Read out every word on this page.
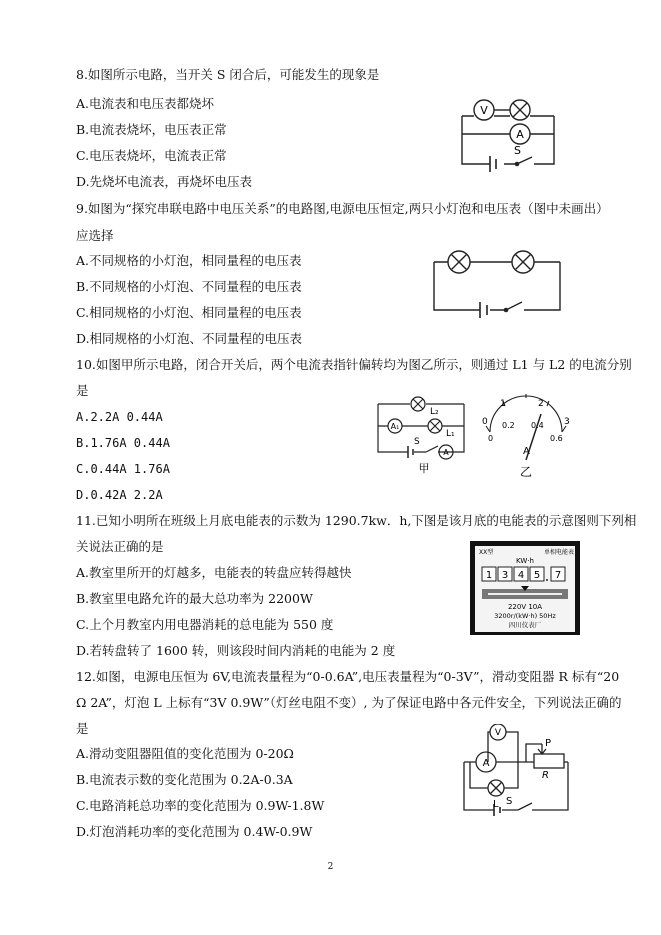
8.如图所示电路，当开关 S 闭合后，可能发生的现象是
A.电流表和电压表都烧坏
B.电流表烧坏，电压表正常
C.电压表烧坏，电流表正常
D.先烧坏电流表，再烧坏电压表
V
A
S
9.如图为“探究串联电路中电压关系”的电路图,电源电压恒定,两只小灯泡和电压表（图中未画出）
应选择
A.不同规格的小灯泡，相同量程的电压表
B.不同规格的小灯泡、不同量程的电压表
C.相同规格的小灯泡、相同量程的电压表
D.相同规格的小灯泡、不同量程的电压表
10.如图甲所示电路，闭合开关后，两个电流表指针偏转均为图乙所示，则通过 L1 与 L2 的电流分别
是
A.2.2A 0.44A
B.1.76A 0.44A
C.0.44A 1.76A
D.0.42A 2.2A
L₂
L₁
A₁
A
S
甲
0
1	2
3
0
0.2 0.4
0.6
A
乙
11.已知小明所在班级上月底电能表的示数为 1290.7kw．h,下图是该月底的电能表的示意图则下列相
关说法正确的是
A.教室里所开的灯越多，电能表的转盘应转得越快
B.教室里电路允许的最大总功率为 2200W
C.上个月教室内用电器消耗的总电能为 550 度
D.若转盘转了 1600 转，则该段时间内消耗的电能为 2 度
XX型	单相电能表
KW·h
1 3 4 5 7
220V 10A
3200r/(kW·h) 50Hz
四川仪表厂
12.如图，电源电压恒为 6V,电流表量程为“0-0.6A”,电压表量程为“0-3V”，滑动变阻器 R 标有“20
Ω 2A”，灯泡 L 上标有“3V 0.9W”（灯丝电阻不变）, 为了保证电路中各元件安全，下列说法正确的
是
A.滑动变阻器阻值的变化范围为 0-20Ω
B.电流表示数的变化范围为 0.2A-0.3A
C.电路消耗总功率的变化范围为 0.9W-1.8W
D.灯泡消耗功率的变化范围为 0.4W-0.9W
V
A
P
R
L S
2
